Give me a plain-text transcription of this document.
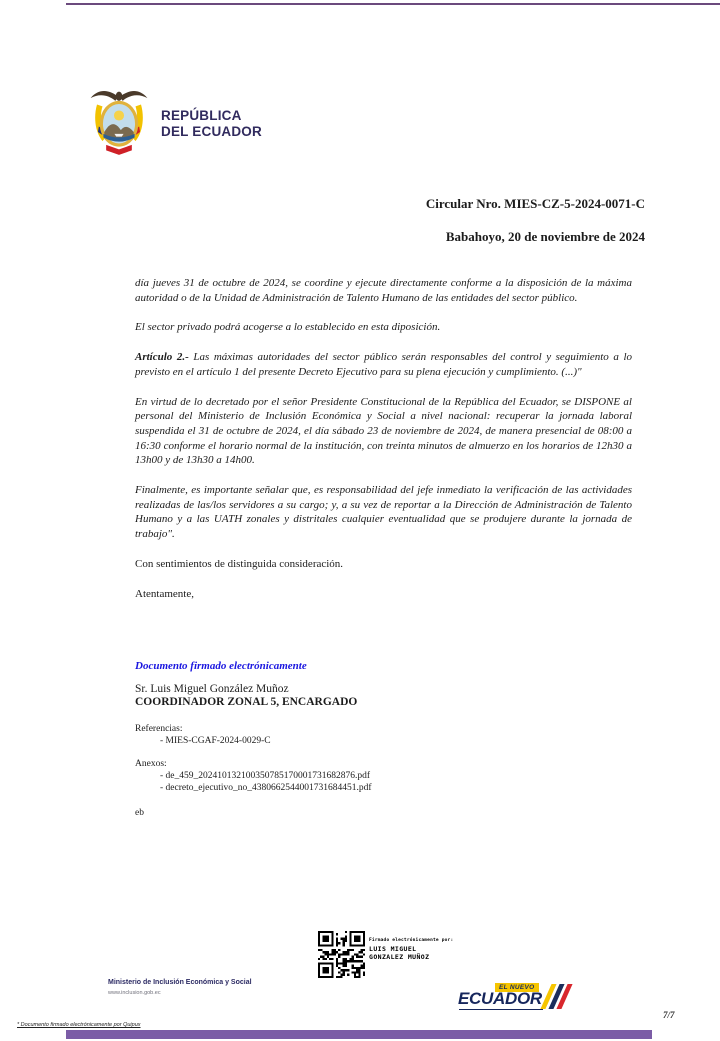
REPÚBLICA
DEL ECUADOR
Circular Nro. MIES-CZ-5-2024-0071-C
Babahoyo, 20 de noviembre de 2024

día jueves 31 de octubre de 2024, se coordine y ejecute directamente conforme a la disposición de la máxima autoridad o de la Unidad de Administración de Talento Humano de las entidades del sector público.

El sector privado podrá acogerse a lo establecido en esta diposición.

Artículo 2.- Las máximas autoridades del sector público serán responsables del control y seguimiento a lo previsto en el artículo 1 del presente Decreto Ejecutivo para su plena ejecución y cumplimiento. (...)"

En virtud de lo decretado por el señor Presidente Constitucional de la República del Ecuador, se DISPONE al personal del Ministerio de Inclusión Económica y Social a nivel nacional: recuperar la jornada laboral suspendida el 31 de octubre de 2024, el día sábado 23 de noviembre de 2024, de manera presencial de 08:00 a 16:30 conforme el horario normal de la institución, con treinta minutos de almuerzo en los horarios de 12h30 a 13h00 y de 13h30 a 14h00.

Finalmente, es importante señalar que, es responsabilidad del jefe inmediato la verificación de las actividades realizadas de las/los servidores a su cargo; y, a su vez de reportar a la Dirección de Administración de Talento Humano y a las UATH zonales y distritales cualquier eventualidad que se produjere durante la jornada de trabajo".

Con sentimientos de distinguida consideración.

Atentamente,

Documento firmado electrónicamente
Sr. Luis Miguel González Muñoz
COORDINADOR ZONAL 5, ENCARGADO
Referencias:
- MIES-CGAF-2024-0029-C
Anexos:
- de_459_202410132100350785170001731682876.pdf
- decreto_ejecutivo_no_4380662544001731684451.pdf
eb
Firmado electrónicamente por:
LUIS MIGUEL
GONZALEZ MUÑOZ
Ministerio de Inclusión Económica y Social
www.inclusion.gob.ec
EL NUEVO
ECUADOR
7/7
* Documento firmado electrónicamente por Quipux
